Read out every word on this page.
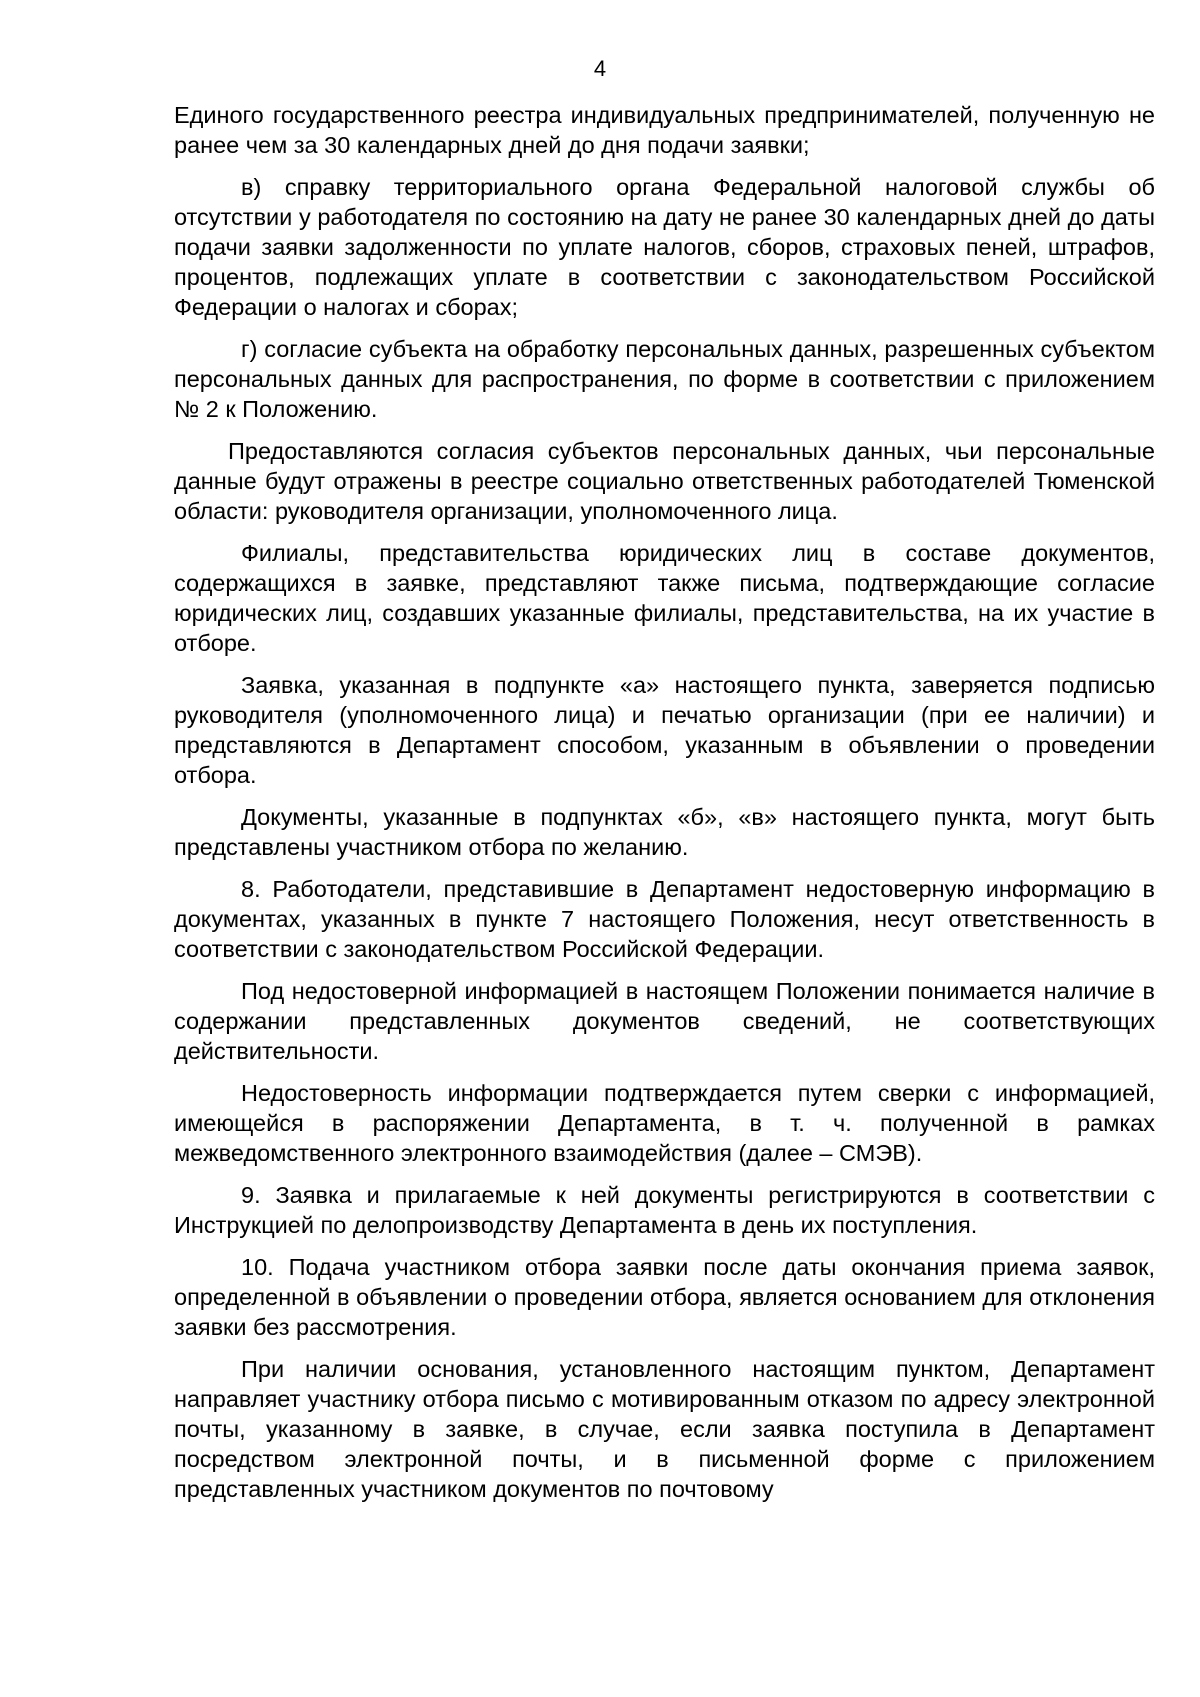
4

Единого государственного реестра индивидуальных предпринимателей, полученную не ранее чем за 30 календарных дней до дня подачи заявки;

в) справку территориального органа Федеральной налоговой службы об отсутствии у работодателя по состоянию на дату не ранее 30 календарных дней до даты подачи заявки задолженности по уплате налогов, сборов, страховых пеней, штрафов, процентов, подлежащих уплате в соответствии с законодательством Российской Федерации о налогах и сборах;

г) согласие субъекта на обработку персональных данных, разрешенных субъектом персональных данных для распространения, по форме в соответствии с приложением № 2 к Положению.

Предоставляются согласия субъектов персональных данных, чьи персональные данные будут отражены в реестре социально ответственных работодателей Тюменской области: руководителя организации, уполномоченного лица.

Филиалы, представительства юридических лиц в составе документов, содержащихся в заявке, представляют также письма, подтверждающие согласие юридических лиц, создавших указанные филиалы, представительства, на их участие в отборе.

Заявка, указанная в подпункте «а» настоящего пункта, заверяется подписью руководителя (уполномоченного лица) и печатью организации (при ее наличии) и представляются в Департамент способом, указанным в объявлении о проведении отбора.

Документы, указанные в подпунктах «б», «в» настоящего пункта, могут быть представлены участником отбора по желанию.

8. Работодатели, представившие в Департамент недостоверную информацию в документах, указанных в пункте 7 настоящего Положения, несут ответственность в соответствии с законодательством Российской Федерации.

Под недостоверной информацией в настоящем Положении понимается наличие в содержании представленных документов сведений, не соответствующих действительности.

Недостоверность информации подтверждается путем сверки с информацией, имеющейся в распоряжении Департамента, в т. ч. полученной в рамках межведомственного электронного взаимодействия (далее – СМЭВ).

9. Заявка и прилагаемые к ней документы регистрируются в соответствии с Инструкцией по делопроизводству Департамента в день их поступления.

10. Подача участником отбора заявки после даты окончания приема заявок, определенной в объявлении о проведении отбора, является основанием для отклонения заявки без рассмотрения.

При наличии основания, установленного настоящим пунктом, Департамент направляет участнику отбора письмо с мотивированным отказом по адресу электронной почты, указанному в заявке, в случае, если заявка поступила в Департамент посредством электронной почты, и в письменной форме с приложением представленных участником документов по почтовому
